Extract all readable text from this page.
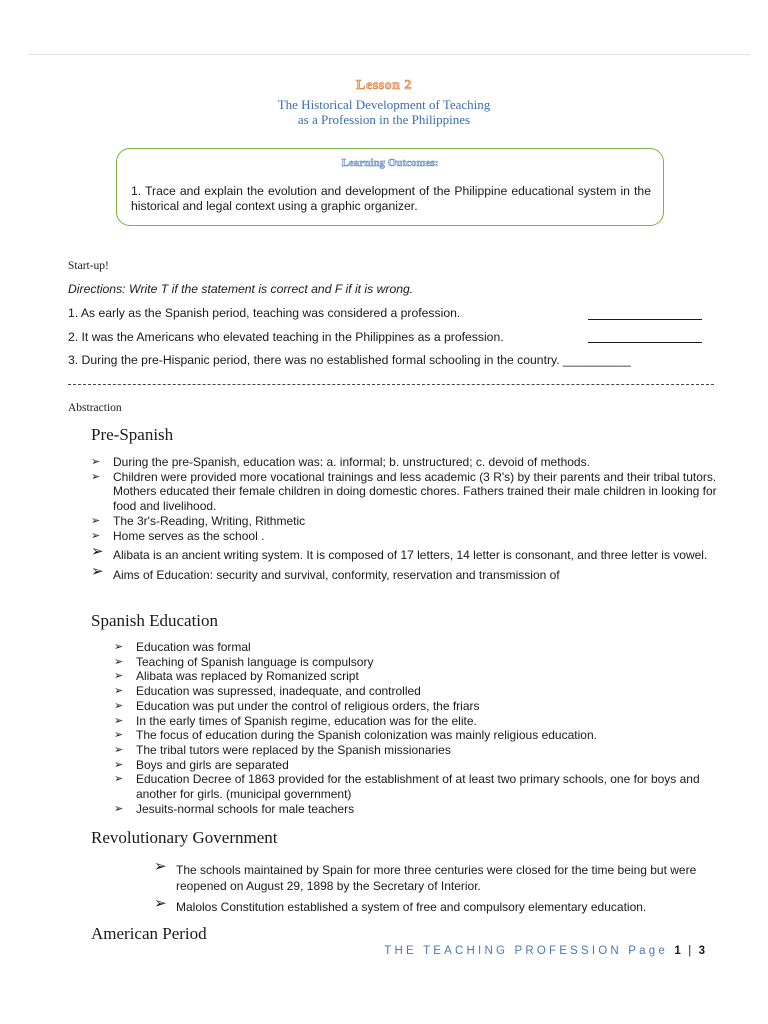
Lesson 2
The Historical Development of Teaching
as a Profession in the Philippines
Learning Outcomes:
1. Trace and explain the evolution and development of the Philippine educational system in the historical and legal context using a graphic organizer.
Start-up!
Directions: Write T if the statement is correct and F if it is wrong.
1. As early as the Spanish period, teaching was considered a profession.
2. It was the Americans who elevated teaching in the Philippines as a profession.
3. During the pre-Hispanic period, there was no established formal schooling in the country. __________
Abstraction
Pre-Spanish
➢ During the pre-Spanish, education was: a. informal; b. unstructured; c. devoid of methods.
➢ Children were provided more vocational trainings and less academic (3 R's) by their parents and their tribal tutors. Mothers educated their female children in doing domestic chores. Fathers trained their male children in looking for food and livelihood.
➢ The 3r's-Reading, Writing, Rithmetic
➢ Home serves as the school .
➢ Alibata is an ancient writing system. It is composed of 17 letters, 14 letter is consonant, and three letter is vowel.
➢ Aims of Education: security and survival, conformity, reservation and transmission of
Spanish Education
➢ Education was formal
➢ Teaching of Spanish language is compulsory
➢ Alibata was replaced by Romanized script
➢ Education was supressed, inadequate, and controlled
➢ Education was put under the control of religious orders, the friars
➢ In the early times of Spanish regime, education was for the elite.
➢ The focus of education during the Spanish colonization was mainly religious education.
➢ The tribal tutors were replaced by the Spanish missionaries
➢ Boys and girls are separated
➢ Education Decree of 1863 provided for the establishment of at least two primary schools, one for boys and another for girls. (municipal government)
➢ Jesuits-normal schools for male teachers
Revolutionary Government
➢ The schools maintained by Spain for more three centuries were closed for the time being but were reopened on August 29, 1898 by the Secretary of Interior.
➢ Malolos Constitution established a system of free and compulsory elementary education.
American Period
THE TEACHING PROFESSION Page 1 | 3
